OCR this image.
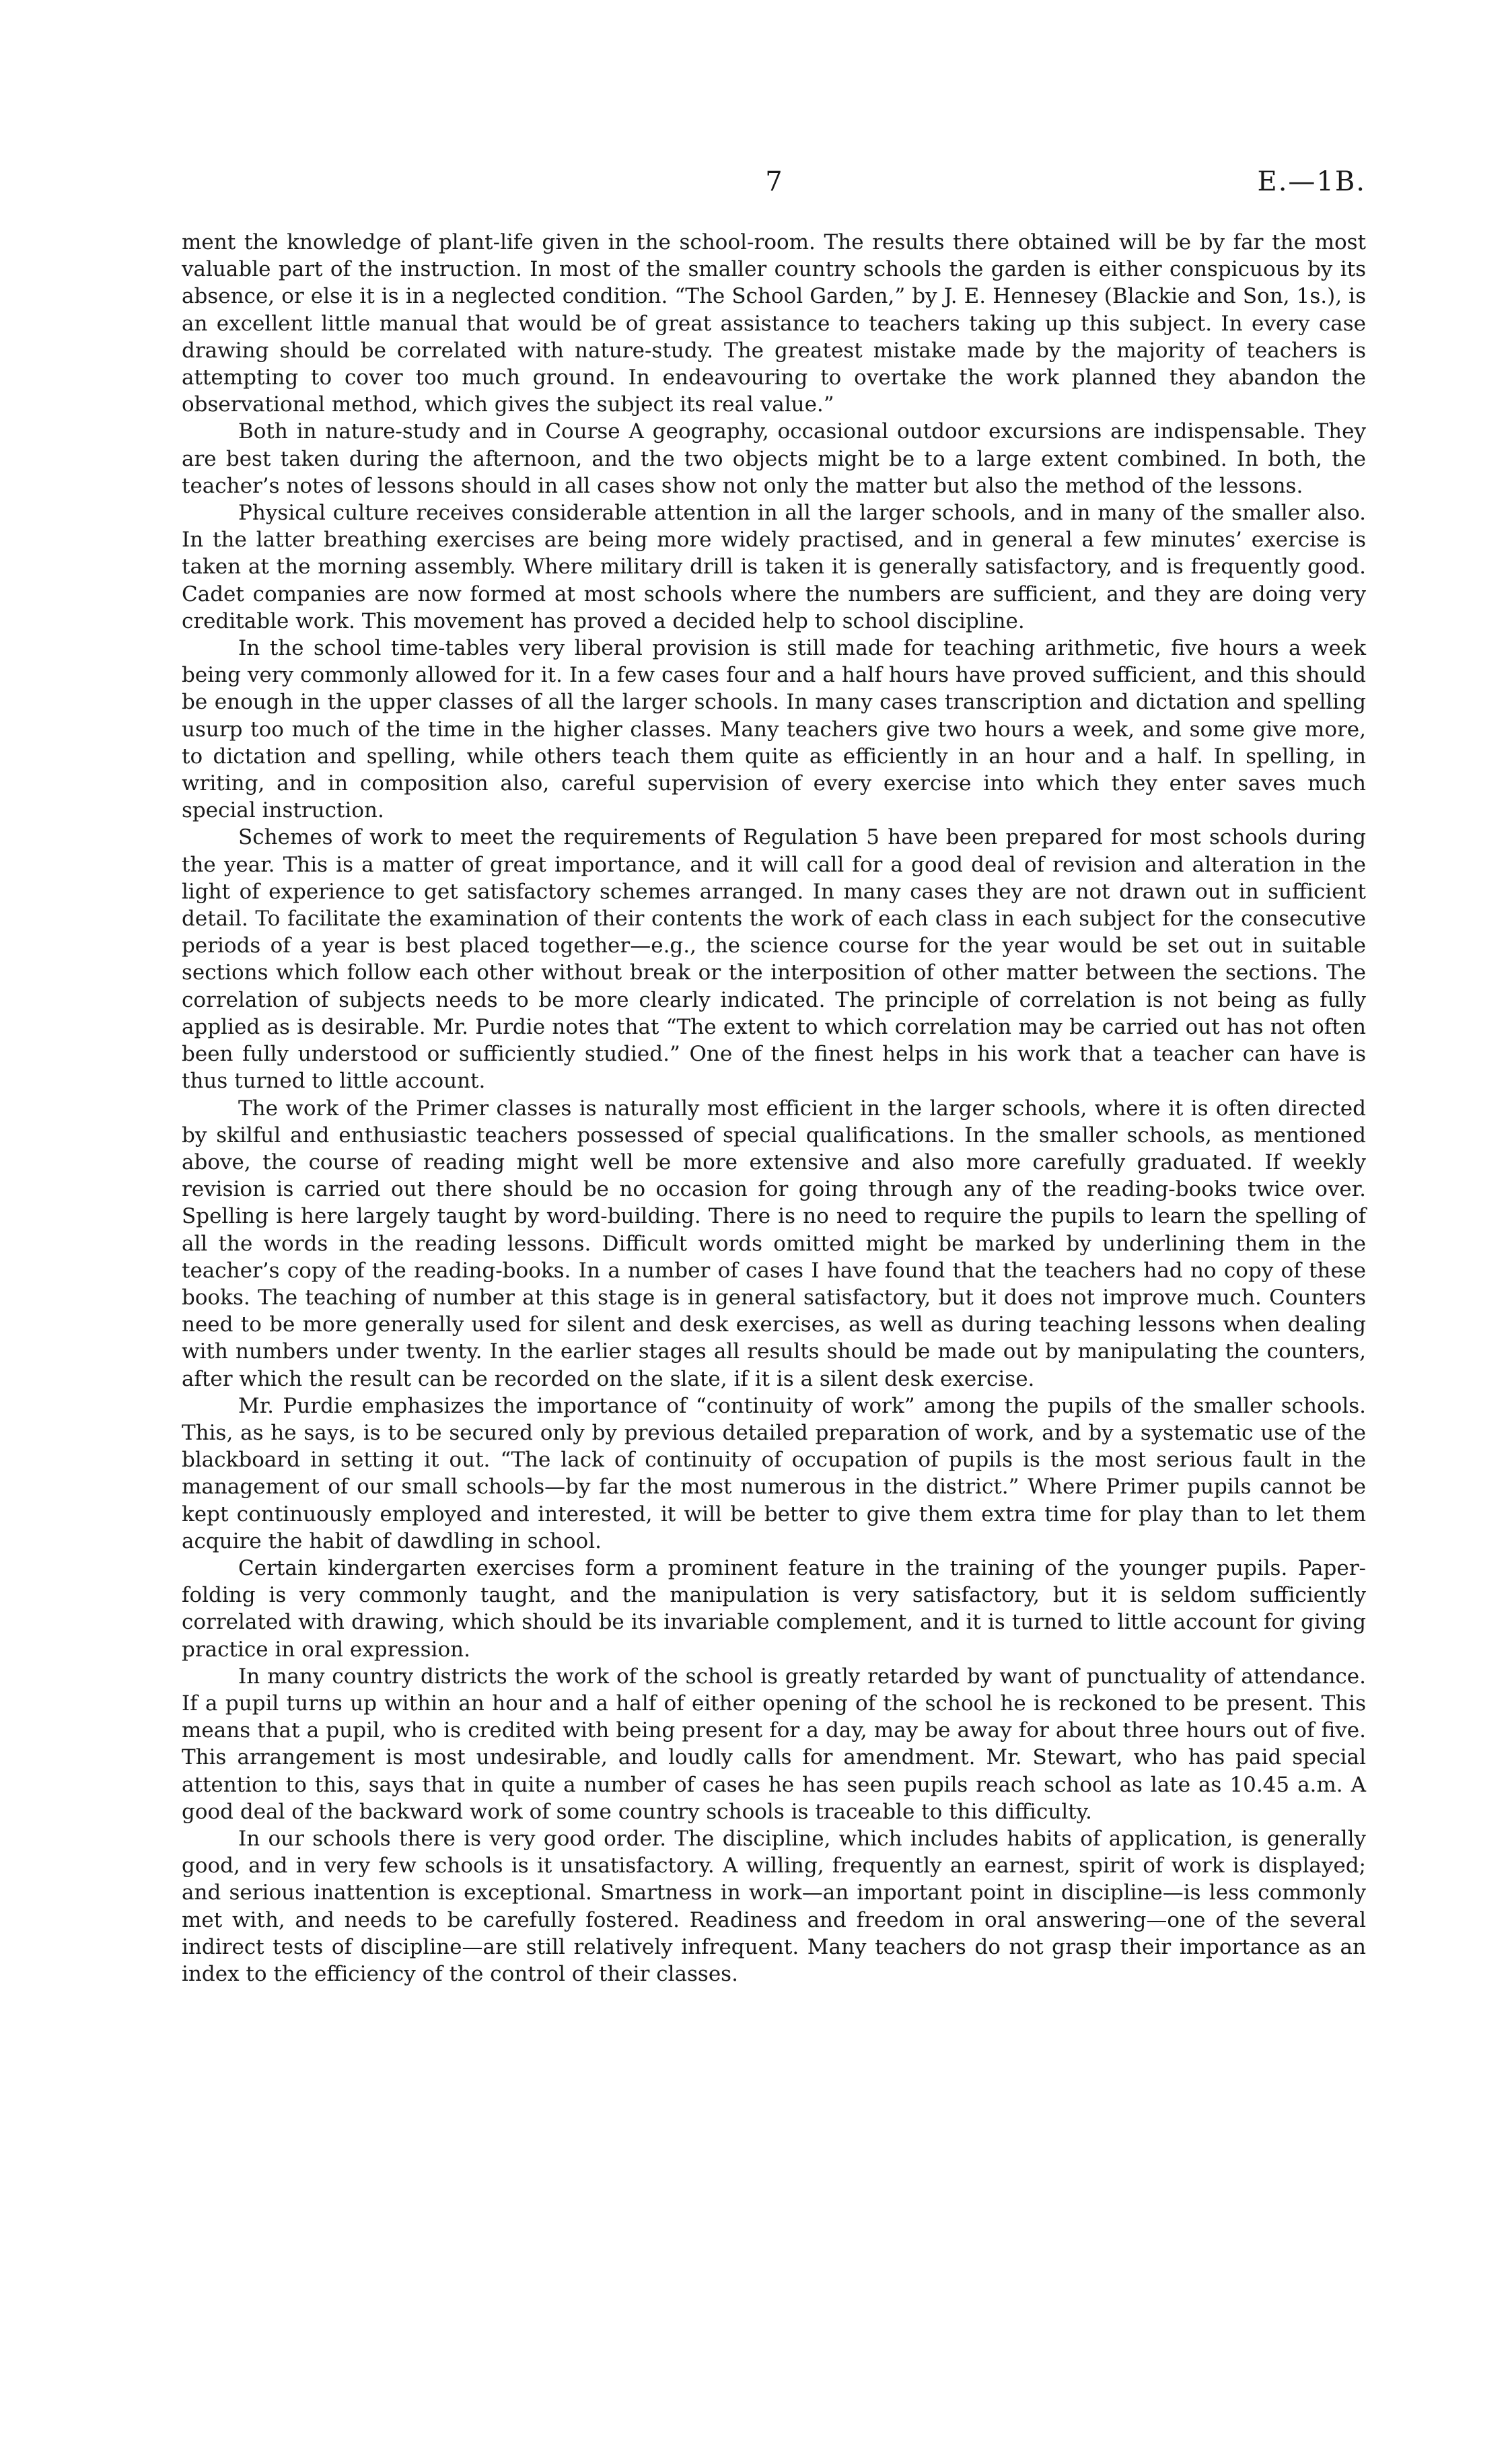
7	E.—1B.

ment the knowledge of plant-life given in the school-room. The results there obtained will be by far the most valuable part of the instruction. In most of the smaller country schools the garden is either conspicuous by its absence, or else it is in a neglected condition. “The School Garden,” by J. E. Hennesey (Blackie and Son, 1s.), is an excellent little manual that would be of great assistance to teachers taking up this subject. In every case drawing should be correlated with nature-study. The greatest mistake made by the majority of teachers is attempting to cover too much ground. In endeavouring to overtake the work planned they abandon the observational method, which gives the subject its real value.”

Both in nature-study and in Course A geography, occasional outdoor excursions are indispensable. They are best taken during the afternoon, and the two objects might be to a large extent combined. In both, the teacher’s notes of lessons should in all cases show not only the matter but also the method of the lessons.

Physical culture receives considerable attention in all the larger schools, and in many of the smaller also. In the latter breathing exercises are being more widely practised, and in general a few minutes’ exercise is taken at the morning assembly. Where military drill is taken it is generally satisfactory, and is frequently good. Cadet companies are now formed at most schools where the numbers are sufficient, and they are doing very creditable work. This movement has proved a decided help to school discipline.

In the school time-tables very liberal provision is still made for teaching arithmetic, five hours a week being very commonly allowed for it. In a few cases four and a half hours have proved sufficient, and this should be enough in the upper classes of all the larger schools. In many cases transcription and dictation and spelling usurp too much of the time in the higher classes. Many teachers give two hours a week, and some give more, to dictation and spelling, while others teach them quite as efficiently in an hour and a half. In spelling, in writing, and in composition also, careful supervision of every exercise into which they enter saves much special instruction.

Schemes of work to meet the requirements of Regulation 5 have been prepared for most schools during the year. This is a matter of great importance, and it will call for a good deal of revision and alteration in the light of experience to get satisfactory schemes arranged. In many cases they are not drawn out in sufficient detail. To facilitate the examination of their contents the work of each class in each subject for the consecutive periods of a year is best placed together—e.g., the science course for the year would be set out in suitable sections which follow each other without break or the interposition of other matter between the sections. The correlation of subjects needs to be more clearly indicated. The principle of correlation is not being as fully applied as is desirable. Mr. Purdie notes that “The extent to which correlation may be carried out has not often been fully understood or sufficiently studied.” One of the finest helps in his work that a teacher can have is thus turned to little account.

The work of the Primer classes is naturally most efficient in the larger schools, where it is often directed by skilful and enthusiastic teachers possessed of special qualifications. In the smaller schools, as mentioned above, the course of reading might well be more extensive and also more carefully graduated. If weekly revision is carried out there should be no occasion for going through any of the reading-books twice over. Spelling is here largely taught by word-building. There is no need to require the pupils to learn the spelling of all the words in the reading lessons. Difficult words omitted might be marked by underlining them in the teacher’s copy of the reading-books. In a number of cases I have found that the teachers had no copy of these books. The teaching of number at this stage is in general satisfactory, but it does not improve much. Counters need to be more generally used for silent and desk exercises, as well as during teaching lessons when dealing with numbers under twenty. In the earlier stages all results should be made out by manipulating the counters, after which the result can be recorded on the slate, if it is a silent desk exercise.

Mr. Purdie emphasizes the importance of “continuity of work” among the pupils of the smaller schools. This, as he says, is to be secured only by previous detailed preparation of work, and by a systematic use of the blackboard in setting it out. “The lack of continuity of occupation of pupils is the most serious fault in the management of our small schools—by far the most numerous in the district.” Where Primer pupils cannot be kept continuously employed and interested, it will be better to give them extra time for play than to let them acquire the habit of dawdling in school.

Certain kindergarten exercises form a prominent feature in the training of the younger pupils. Paper-folding is very commonly taught, and the manipulation is very satisfactory, but it is seldom sufficiently correlated with drawing, which should be its invariable complement, and it is turned to little account for giving practice in oral expression.

In many country districts the work of the school is greatly retarded by want of punctuality of attendance. If a pupil turns up within an hour and a half of either opening of the school he is reckoned to be present. This means that a pupil, who is credited with being present for a day, may be away for about three hours out of five. This arrangement is most undesirable, and loudly calls for amendment. Mr. Stewart, who has paid special attention to this, says that in quite a number of cases he has seen pupils reach school as late as 10.45 a.m. A good deal of the backward work of some country schools is traceable to this difficulty.

In our schools there is very good order. The discipline, which includes habits of application, is generally good, and in very few schools is it unsatisfactory. A willing, frequently an earnest, spirit of work is displayed; and serious inattention is exceptional. Smartness in work—an important point in discipline—is less commonly met with, and needs to be carefully fostered. Readiness and freedom in oral answering—one of the several indirect tests of discipline—are still relatively infrequent. Many teachers do not grasp their importance as an index to the efficiency of the control of their classes.
